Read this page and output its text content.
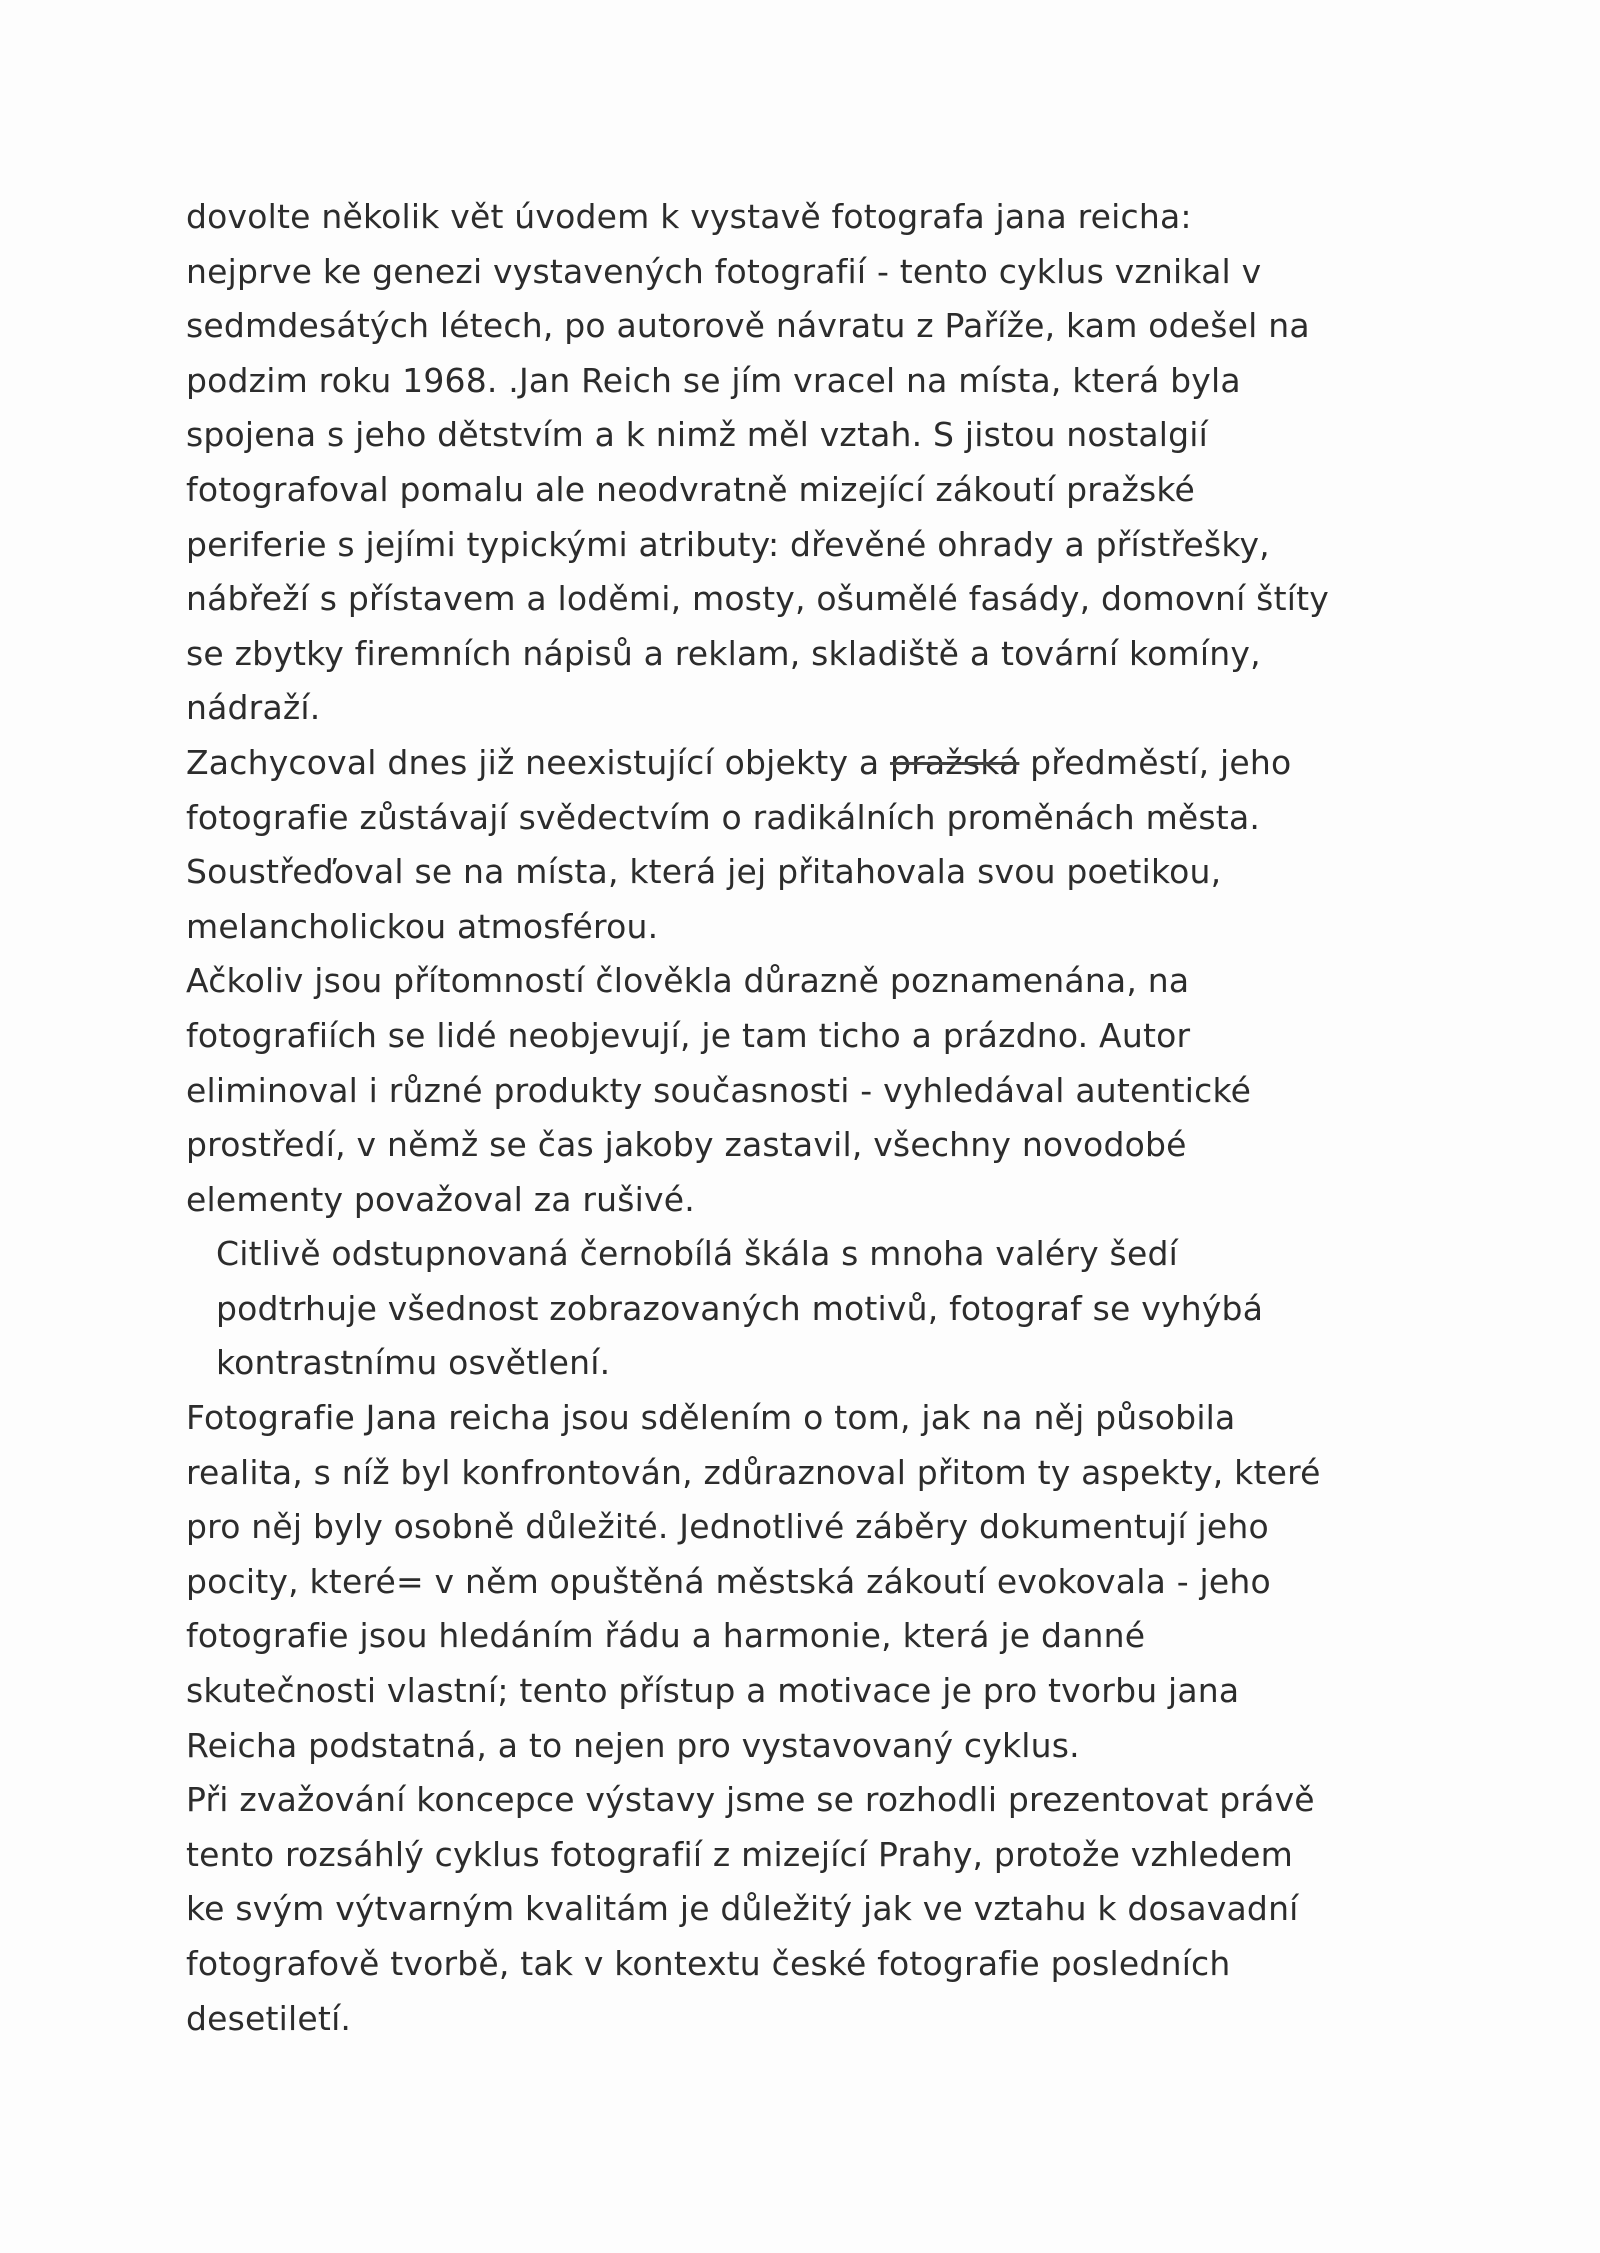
dovolte několik vět úvodem k vystavě fotografa jana reicha:
nejprve ke genezi vystavených fotografií - tento cyklus vznikal v
sedmdesátých létech, po autorově návratu z Paříže, kam odešel na
podzim roku 1968. .Jan Reich se jím vracel na místa, která byla
spojena s jeho dětstvím a k nimž měl vztah. S jistou nostalgií
fotografoval pomalu ale neodvratně mizející zákoutí pražské
periferie s jejími typickými atributy: dřevěné ohrady a přístřešky,
nábřeží s přístavem a loděmi, mosty, ošumělé fasády, domovní štíty
se zbytky firemních nápisů a reklam, skladiště a tovární komíny,
nádraží.
Zachycoval dnes již neexistující objekty a pražská předměstí, jeho
fotografie zůstávají svědectvím o radikálních proměnách města.
Soustřeďoval se na místa, která jej přitahovala svou poetikou,
melancholickou atmosférou.
Ačkoliv jsou přítomností člověkla důrazně poznamenána, na
fotografiích se lidé neobjevují, je tam ticho a prázdno. Autor
eliminoval i různé produkty současnosti - vyhledával autentické
prostředí, v němž se čas jakoby zastavil, všechny novodobé
elementy považoval za rušivé.
Citlivě odstupnovaná černobílá škála s mnoha valéry šedí
podtrhuje všednost zobrazovaných motivů, fotograf se vyhýbá
kontrastnímu osvětlení.
Fotografie Jana reicha jsou sdělením o tom, jak na něj působila
realita, s níž byl konfrontován, zdůraznoval přitom ty aspekty, které
pro něj byly osobně důležité. Jednotlivé záběry dokumentují jeho
pocity, které= v něm opuštěná městská zákoutí evokovala - jeho
fotografie jsou hledáním řádu a harmonie, která je danné
skutečnosti vlastní; tento přístup a motivace je pro tvorbu jana
Reicha podstatná, a to nejen pro vystavovaný cyklus.
Při zvažování koncepce výstavy jsme se rozhodli prezentovat právě
tento rozsáhlý cyklus fotografií z mizející Prahy, protože vzhledem
ke svým výtvarným kvalitám je důležitý jak ve vztahu k dosavadní
fotografově tvorbě, tak v kontextu české fotografie posledních
desetiletí.
